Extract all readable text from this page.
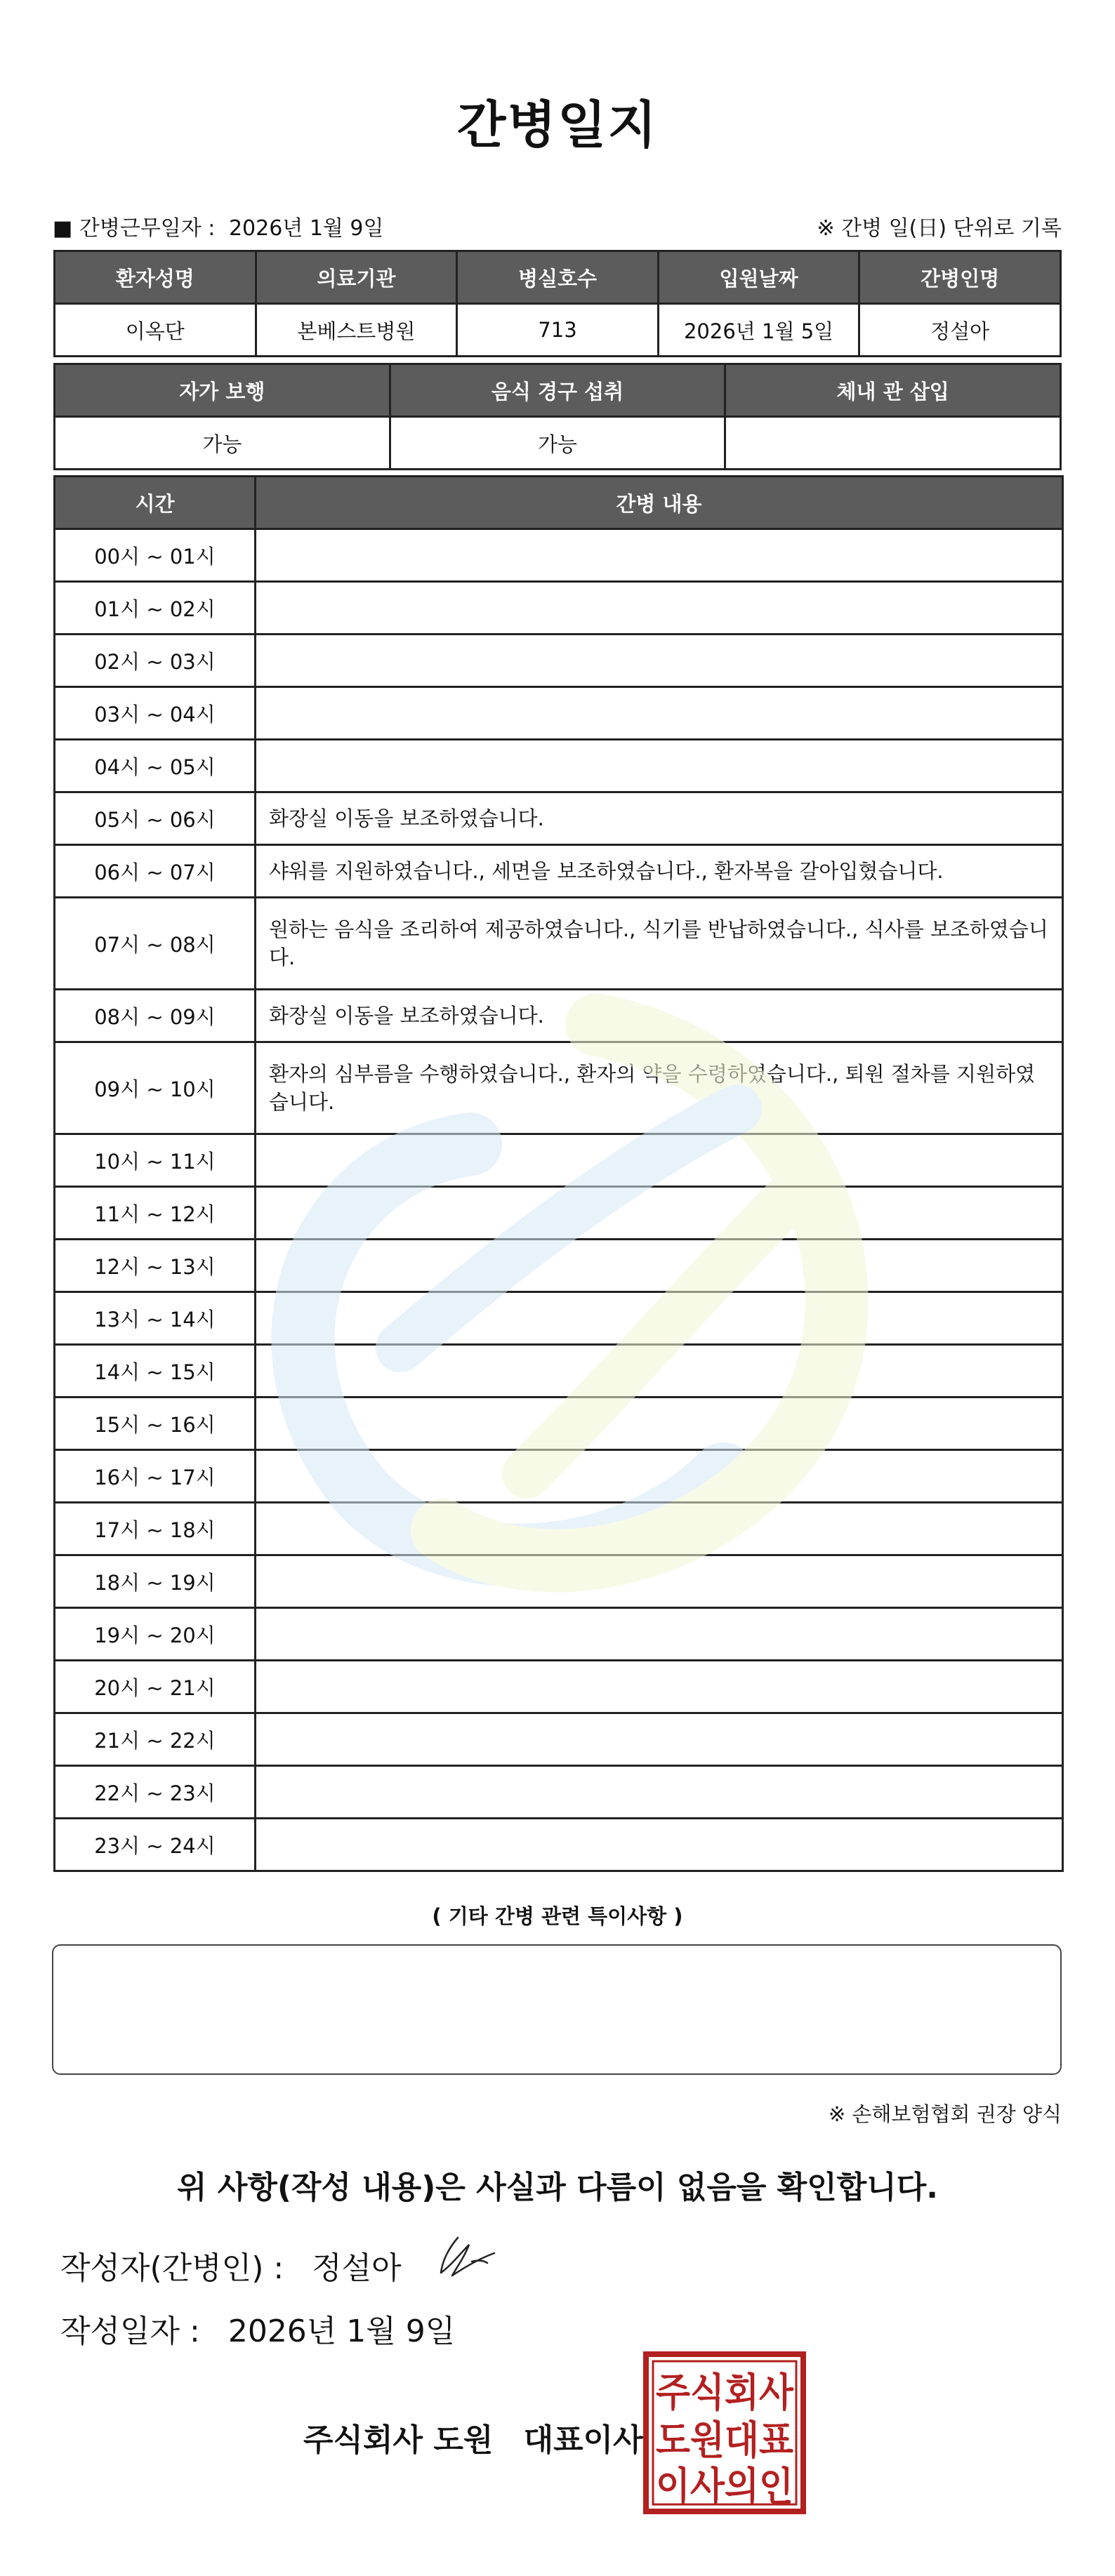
간병일지
■ 간병근무일자 : 2026년 1월 9일	※ 간병 일(日) 단위로 기록
환자성명	의료기관	병실호수	입원날짜	간병인명
이옥단	본베스트병원	713	2026년 1월 5일	정설아
자가 보행	음식 경구 섭취	체내 관 삽입
가능	가능	
시간	간병 내용
00시 ~ 01시	
01시 ~ 02시	
02시 ~ 03시	
03시 ~ 04시	
04시 ~ 05시	
05시 ~ 06시	화장실 이동을 보조하였습니다.
06시 ~ 07시	샤워를 지원하였습니다., 세면을 보조하였습니다., 환자복을 갈아입혔습니다.
07시 ~ 08시	원하는 음식을 조리하여 제공하였습니다., 식기를 반납하였습니다., 식사를 보조하였습니다.
08시 ~ 09시	화장실 이동을 보조하였습니다.
09시 ~ 10시	환자의 심부름을 수행하였습니다., 환자의 약을 수령하였습니다., 퇴원 절차를 지원하였습니다.
10시 ~ 11시	
11시 ~ 12시	
12시 ~ 13시	
13시 ~ 14시	
14시 ~ 15시	
15시 ~ 16시	
16시 ~ 17시	
17시 ~ 18시	
18시 ~ 19시	
19시 ~ 20시	
20시 ~ 21시	
21시 ~ 22시	
22시 ~ 23시	
23시 ~ 24시	
( 기타 간병 관련 특이사항 )
※ 손해보험협회 권장 양식
위 사항(작성 내용)은 사실과 다름이 없음을 확인합니다.
작성자(간병인) : 정설아
작성일자 : 2026년 1월 9일
주식회사 도원 대표이사
주식회사
도원대표
이사의인
